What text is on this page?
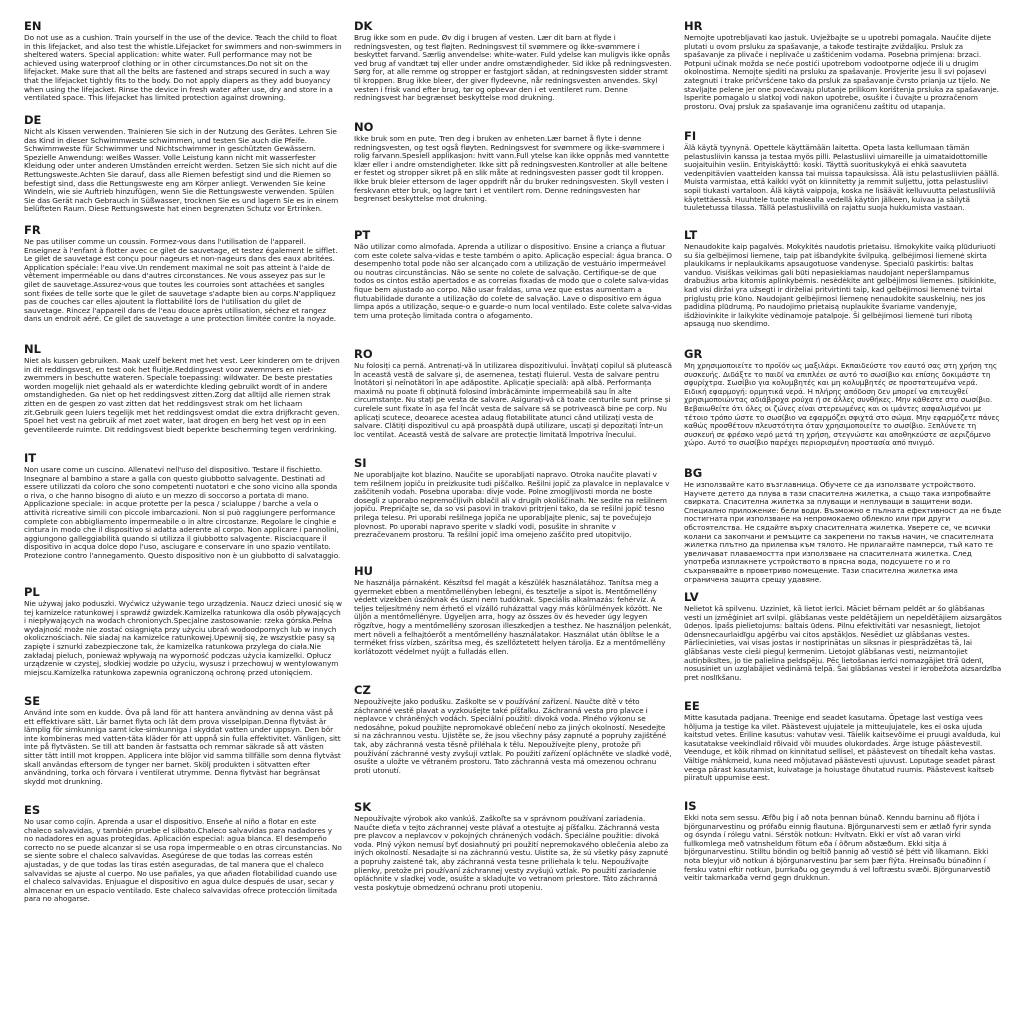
EN

Do not use as a cushion. Train yourself in the use of the device. Teach the child to float in this lifejacket, and also test the whistle.Lifejacket for swimmers and non-swimmers in sheltered waters. Special application: white water. Full performance may not be achieved using waterproof clothing or in other circumstances.Do not sit on the lifejacket. Make sure that all the belts are fastened and straps secured in such a way that the lifejacket tightly fits to the body. Do not apply diapers as they add buoyancy when using the lifejacket. Rinse the device in fresh water after use, dry and store in a ventilated space. This lifejacket has limited protection against drowning.

DE

Nicht als Kissen verwenden. Trainieren Sie sich in der Nutzung des Gerätes. Lehren Sie das Kind in dieser Schwimmweste schwimmen, und testen Sie auch die Pfeife. Schwimmweste für Schwimmer und Nichtschwimmer in geschützten Gewässern. Spezielle Anwendung: weißes Wasser. Volle Leistung kann nicht mit wasserfester Kleidung oder unter anderen Umständen erreicht werden. Setzen Sie sich nicht auf die Rettungsweste.Achten Sie darauf, dass alle Riemen befestigt sind und die Riemen so befestigt sind, dass die Rettungsweste eng am Körper anliegt. Verwenden Sie keine Windeln, wie sie Auftrieb hinzufügen, wenn Sie die Rettungsweste verwenden. Spülen Sie das Gerät nach Gebrauch in Süßwasser, trocknen Sie es und lagern Sie es in einem belüfteten Raum. Diese Rettungsweste hat einen begrenzten Schutz vor Ertrinken.

FR

Ne pas utiliser comme un coussin. Formez-vous dans l'utilisation de l'appareil. Enseignez à l'enfant à flotter avec ce gilet de sauvetage, et testez également le sifflet. Le gilet de sauvetage est conçu pour nageurs et non-nageurs dans des eaux abritées. Application spéciale: l'eau vive.Un rendement maximal ne soit pas atteint à l'aide de vêtement imperméable ou dans d'autres circonstances. Ne vous asseyez pas sur le gilet de sauvetage.Assurez-vous que toutes les courroies sont attachées et sangles sont fixées de telle sorte que le gilet de sauvetage s'adapte bien au corps.N'appliquez pas de couches car elles ajoutent la flottabilité lors de l'utilisation du gilet de sauvetage. Rincez l'appareil dans de l'eau douce après utilisation, séchez et rangez dans un endroit aéré. Ce gilet de sauvetage a une protection limitée contre la noyade.

NL

Niet als kussen gebruiken. Maak uzelf bekent met het vest. Leer kinderen om te drijven in dit reddingsvest, en test ook het fluitje.Reddingsvest voor zwemmers en niet-zwemmers in beschutte wateren. Speciale toepassing: wildwater. De beste prestaties worden mogelijk niet gehaald als er waterdichte kleding gebruikt wordt of in andere omstandigheden. Ga niet op het reddingsvest zitten.Zorg dat alltijd alle riemen strak zitten en de gespen zo vast zitten dat het reddingsvest strak om het lichaam zit.Gebruik geen luiers tegelijk met het reddingsvest omdat die extra drijfkracht geven. Spoel het vest na gebruik af met zoet water, laat drogen en berg het vest op in een geventileerde ruimte. Dit reddingsvest biedt beperkte bescherming tegen verdrinking.

IT

Non usare come un cuscino. Allenatevi nell'uso del dispositivo. Testare il fischietto. Insegnare al bambino a stare a galla con questo giubbotto salvagente. Destinati ad essere utilizzati da coloro che sono competenti nuotatori e che sono vicino alla sponda o riva, o che hanno bisogno di aiuto e un mezzo di soccorso a portata di mano. Applicazione speciale: in acque protette per la pesca / scialuppe / barche a vela o attività ricreative simili con piccole imbarcazioni. Non si può raggiungere performance complete con abbigliamento impermeabile o in altre circostanze. Regolare le cinghie e cintura in modo che il dispositivo si adatta aderente al corpo. Non applicare i pannolini, aggiungono galleggiabilità quando si utilizza il giubbotto salvagente. Risciacquare il dispositivo in acqua dolce dopo l'uso, asciugare e conservare in uno spazio ventilato. Protezione contro l'annegamento. Questo dispositivo non è un giubbotto di salvataggio.

PL

Nie używaj jako poduszki. Wyćwicz używanie tego urządzenia. Naucz dzieci unosić się w tej kamizelce ratunkowej i sprawdź gwizdek.Kamizelka ratunkowa dla osób pływających i niepływających na wodach chronionych.Specjalne zastosowanie: rzeka górska.Pełna wydajność może nie zostać osiągnięta przy użyciu ubrań wodoodpornych lub w innych okolicznościach. Nie siadaj na kamizelce ratunkowej.Upewnij się, że wszystkie pasy są zapięte i sznurki zabezpieczone tak, że kamizelka ratunkowa przylega do ciała.Nie zakładaj pieluch, ponieważ wpływają na wyporność podczas użycia kamizelki. Opłucz urządzenie w czystej, słodkiej wodzie po użyciu, wysusz i przechowuj w wentylowanym miejscu.Kamizelka ratunkowa zapewnia ograniczoną ochronę przed utonięciem.

SE

Använd inte som en kudde. Öva på land för att hantera användning av denna väst på ett effektivare sätt. Lär barnet flyta och lät dem prova visselpipan.Denna flytväst är lämplig för simkunniga samt icke-simkunniga i skyddat vatten under uppsyn. Den bör inte kombineras med vatten-täta kläder för att uppnå sin fulla effektivitet. Vänligen, sitt inte på flytvästen. Se till att banden är fastsatta och remmar säkrade så att västen sitter tätt intill mot kroppen. Applicera inte blöjor vid samma tillfälle som denna flytväst skall användas eftersom de tynger ner barnet. Skölj produkten i sötvatten efter användning, torka och förvara i ventilerat utrymme. Denna flytväst har begränsat skydd mot drunkning.

ES

No usar como cojín. Aprenda a usar el dispositivo. Enseñe al niño a flotar en este chaleco salvavidas, y también pruebe el silbato.Chaleco salvavidas para nadadores y no nadadores en aguas protegidas. Aplicación especial: agua blanca. El desempeño correcto no se puede alcanzar si se usa ropa impermeable o en otras circunstancias. No se siente sobre el chaleco salvavidas. Asegúrese de que todas las correas estén ajustadas, y de que todas las tiras estén aseguradas, de tal manera que el chaleco salvavidas se ajuste al cuerpo. No use pañales, ya que añaden flotabilidad cuando use el chaleco salvavidas. Enjuague el dispositivo en agua dulce después de usar, secar y almacenar en un espacio ventilado. Este chaleco salvavidas ofrece protección limitada para no ahogarse.

DK

Brug ikke som en pude. Øv dig i brugen af vesten. Lær dit barn at flyde i redningsvesten, og test fløjten. Redningsvest til svømmere og ikke-svømmere i beskyttet farvand. Særlig anvendelse: white-water. Fuld ydelse kan muligvis ikke opnås ved brug af vandtæt tøj eller under andre omstændigheder. Sid ikke på redningsvesten. Sørg for, at alle remme og stropper er fastgjort sådan, at redningsvesten sidder stramt til kroppen. Brug ikke bleer, der giver flydeevne, når redningsvesten anvendes. Skyl vesten i frisk vand efter brug, tør og opbevar den i et ventileret rum. Denne redningsvest har begrænset beskyttelse mod drukning.

NO

Ikke bruk som en pute. Tren deg i bruken av enheten.Lær barnet å flyte i denne redningsvesten, og test også fløyten. Redningsvest for svømmere og ikke-svømmere i rolig farvann.Spesiell applikasjon: hvitt vann.Full ytelse kan ikke oppnås med vanntette klær eller i andre omstendigheter. Ikke sitt på redningsvesten.Kontroller at alle beltene er festet og stropper sikret på en slik måte at redningsvesten passer godt til kroppen. Ikke bruk bleier ettersom de lager oppdrift når du bruker redningsvesten. Skyll vesten i ferskvann etter bruk, og lagre tørt i et ventilert rom. Denne redningsvesten har begrenset beskyttelse mot drukning.

PT

Não utilizar como almofada. Aprenda a utilizar o dispositivo. Ensine a criança a flutuar com este colete salva-vidas e teste também o apito. Aplicação especial: água branca. O desempenho total pode não ser alcançado com a utilização de vestuário impermeável ou noutras circunstâncias. Não se sente no colete de salvação. Certifique-se de que todos os cintos estão apertados e as correias fixadas de modo que o colete salva-vidas fique bem ajustado ao corpo. Não usar fraldas, uma vez que estas aumentam a flutuabilidade durante a utilização do colete de salvação. Lave o dispositivo em água limpa após a utilização, seque-o e guarde-o num local ventilado. Este colete salva-vidas tem uma proteção limitada contra o afogamento.

RO

Nu folosiți ca pernă. Antrenați-vă în utilizarea dispozitivului. Învățați copilul să plutească în această vestă de salvare și, de asemenea, testați fluierul. Vesta de salvare pentru înotători și neînotători în ape adăpostite. Aplicație specială: apă albă. Performanța maximă nu poate fi obținută folosind îmbrăcăminte impermeabilă sau în alte circumstanțe. Nu stați pe vesta de salvare. Asigurați-vă că toate centurile sunt prinse și curelele sunt fixate în așa fel încât vesta de salvare să se potrivească bine pe corp. Nu aplicați scutece, deoarece acestea adaug flotabilitate atunci când utilizați vesta de salvare. Clătiți dispozitivul cu apă proaspătă după utilizare, uscați și depozitați într-un loc ventilat. Această vestă de salvare are protecție limitată împotriva înecului.

SI

Ne uporabljajte kot blazino. Naučite se uporabljati napravo. Otroka naučite plavati v tem rešilnem jopiču in preizkusite tudi piščalko. Rešilni jopič za plavalce in neplavalce v zaščitenih vodah. Posebna uporaba: divje vode. Polne zmogljivosti morda ne boste dosegli z uporabo nepremočljivih oblačil ali v drugih okoliščinah. Ne sedite na rešilnem jopiču. Prepričajte se, da so vsi pasovi in trakovi pritrjeni tako, da se rešilni jopič tesno prilega telesu. Pri uporabi rešilnega jopiča ne uporabljajte plenic, saj te povečujejo plovnost. Po uporabi napravo sperite v sladki vodi, posušite in shranite v prezračevanem prostoru. Ta rešilni jopič ima omejeno zaščito pred utopitvijo.

HU

Ne használja párnaként. Készítsd fel magát a készülék használatához. Tanítsa meg a gyermeket ebben a mentőmellényben lebegni, és tesztelje a sípot is. Mentőmellény védett vizekben úszóknak és úszni nem tudóknak. Speciális alkalmazás: fehérvíz. A teljes teljesítmény nem érhető el vízálló ruházattal vagy más körülmények között. Ne üljön a mentőmellényre. Ügyeljen arra, hogy az összes öv és heveder úgy legyen rögzítve, hogy a mentőmellény szorosan illeszkedjen a testhez. Ne használjon pelenkát, mert növeli a felhajtóerőt a mentőmellény használatakor. Használat után öblítse le a terméket friss vízben, szárítsa meg, és szellőztetett helyen tárolja. Ez a mentőmellény korlátozott védelmet nyújt a fulladás ellen.

CZ

Nepoužívejte jako podušku. Zaškolte se v používání zařízení. Naučte dítě v této záchranné vestě plavat a vyzkoušejte také píšťalku. Záchranná vesta pro plavce i neplavce v chráněných vodách. Speciální použití: divoká voda. Plného výkonu se nedosáhne, pokud použijte nepromokavé oblečení nebo za jiných okolností. Nesedejte si na záchrannou vestu. Ujistěte se, že jsou všechny pásy zapnuté a popruhy zajištěné tak, aby záchranná vesta těsně přiléhala k tělu. Nepoužívejte pleny, protože při používání záchranné vesty zvyšují vztlak. Po použití zařízení opláchněte ve sladké vodě, osušte a uložte ve větraném prostoru. Tato záchranná vesta má omezenou ochranu proti utonutí.

SK

Nepoužívajte výrobok ako vankúš. Zaškoľte sa v správnom používaní zariadenia. Naučte dieťa v tejto záchrannej veste plávať a otestujte aj píšťalku. Záchranná vesta pre plavcov a neplavcov v pokojných chránených vodách. Špeciálne použitie: divoká voda. Plný výkon nemusí byť dosiahnutý pri použití nepremokavého oblečenia alebo za iných okolností. Nesadajte si na záchrannú vestu. Uistite sa, že sú všetky pásy zapnuté a popruhy zaistené tak, aby záchranná vesta tesne priliehala k telu. Nepoužívajte plienky, pretože pri používaní záchrannej vesty zvyšujú vztlak. Po použití zariadenie opláchnite v sladkej vode, osušte a skladujte vo vetranom priestore. Táto záchranná vesta poskytuje obmedzenú ochranu proti utopeniu.

HR

Nemojte upotrebljavati kao jastuk. Uvježbajte se u upotrebi pomagala. Naučite dijete plutati u ovom prsluku za spašavanje, a takođe testirajte zviždaljku. Prsluk za spašavanje za plivače i neplivače u zaštićenim vodama. Posebna primjena: brzaci. Potpuni učinak možda se neće postići upotrebom vodootporne odjeće ili u drugim okolnostima. Nemojte sjediti na prsluku za spašavanje. Provjerite jesu li svi pojasevi zategnuti i trake pričvršćene tako da prsluk za spašavanje čvrsto prianja uz tijelo. Ne stavljajte pelene jer one povećavaju plutanje prilikom korištenja prsluka za spašavanje. Isperite pomagalo u slatkoj vodi nakon upotrebe, osušite i čuvajte u prozračenom prostoru. Ovaj prsluk za spašavanje ima ograničenu zaštitu od utapanja.

FI

Älä käytä tyynynä. Opettele käyttämään laitetta. Opeta lasta kellumaan tämän pelastusliivin kanssa ja testaa myös pilli. Pelastusliivi uimareille ja uimataidottomille suojaituihin vesiin. Erityiskäyttö: koski. Täyttä suorituskykyä ei ehkä saavuteta vedenpitävien vaatteiden kanssa tai muissa tapauksissa. Älä istu pelastusliivien päällä. Muista varmistaa, että kaikki vyöt on kiinnitetty ja remmit suljettu, jotta pelastusliivi sopii tiukasti vartaloon. Älä käytä vaippoja, koska ne lisäävät kelluvuutta pelastusliiviä käytettäessä. Huuhtele tuote makealla vedellä käytön jälkeen, kuivaa ja säilytä tuuletetussa tilassa. Tällä pelastusliivillä on rajattu suoja hukkumista vastaan.

LT

Nenaudokite kaip pagalvės. Mokykitės naudotis prietaisu. Išmokykite vaiką plūduriuoti su šia gelbėjimosi liemene, taip pat išbandykite švilpuką. gelbėjimosi liemenė skirta plaukikams ir neplaukikams apsaugotuose vandenyse. Specialū paskirtis: baltas vanduo. Visiškas veikimas gali būti nepasiekiamas naudojant neperšlampamus drabužius arba kitomis aplinkybėmis. nesėdėkite ant gelbėjimosi liemenės. Įsitikinkite, kad visi diržai yra užsegti ir dirželiai pritvirtinti taip, kad gelbėjimosi liemenė tvirtai priglustų prie kūno. Naudojant gelbėjimosi liemenę nenaudokite sauskelnių, nes jos padidina plūdrumą. Po naudojimo prietaisą nuplaukite švariame vandenyje, išdžiovinkite ir laikykite vėdinamoje patalpoje. Ši gelbėjimosi liemenė turi ribotą apsaugą nuo skendimo.

GR

Μη χρησιμοποιείτε το προϊόν ως μαξιλάρι. Εκπαιδεύστε τον εαυτό σας στη χρήση της συσκευής. Διδάξτε το παιδί να επιπλέει σε αυτό το σωσίβιο και επίσης δοκιμάστε τη σφυρίχτρα. Σωσίβιο για κολυμβητές και μη κολυμβητές σε προστατευμένα νερά. Ειδική εφαρμογή: ορμητικά νερά. Η πλήρης απόδοση δεν μπορεί να επιτευχθεί χρησιμοποιώντας αδιάβροχα ρούχα ή σε άλλες συνθήκες. Μην κάθεστε στο σωσίβιο. Βεβαιωθείτε ότι όλες οι ζώνες είναι στερεωμένες και οι ιμάντες ασφαλισμένοι με τέτοιο τρόπο ώστε το σωσίβιο να εφαρμόζει σφιχτά στο σώμα. Μην εφαρμόζετε πάνες καθώς προσθέτουν πλευστότητα όταν χρησιμοποιείτε το σωσίβιο. Ξεπλύνετε τη συσκευή σε φρέσκο νερό μετά τη χρήση, στεγνώστε και αποθηκεύστε σε αεριζόμενο χώρο. Αυτό το σωσίβιο παρέχει περιορισμένη προστασία από πνιγμό.

BG

Не използвайте като възглавница. Обучете се да използвате устройството. Научете детето да плува в тази спасителна жилетка, а също така изпробвайте свирката. Спасителна жилетка за плуващи и неплуващи в защитени води. Специално приложение: бели води. Възможно е пълната ефективност да не бъде постигната при използване на непромокаемо облекло или при други обстоятелства. Не сядайте върху спасителната жилетка. Уверете се, че всички колани са закопчани и ремъците са закрепени по такъв начин, че спасителната жилетка плътно да прилепва към тялото. Не прилагайте памперси, тъй като те увеличават плаваемостта при използване на спасителната жилетка. След употреба изплакнете устройството в прясна вода, подсушете го и го съхранявайте в проветриво помещение. Тази спасителна жилетка има ограничена защита срещу удавяне.

LV

Nelietot kā spilvenu. Uzziniet, kā lietot ierīci. Māciet bērnam peldēt ar šo glābšanas vesti un izmēģiniet arī svilpi. glābšanas veste peldētājiem un nepeldētājiem aizsargātos ūdeņos. Īpašs pielietojums: baltais ūdens. Pilnu efektivitāti var nesasniegt, lietojot ūdensnecaurlaidīgu apģērbu vai citos apstākļos. Nesēdiet uz glābšanas vestes. Pārliecinieties, vai visas jostas ir nostiprinātas un siksnas ir piesprādzētas tā, lai glābšanas veste cieši pieguļ ķermenim. Lietojot glābšanas vesti, neizmantojiet autiņbiksītes, jo tie palielina peldspēju. Pēc lietošanas ierīci nomazgājiet tīrā ūdenī, nosusiniet un uzglabājiet vēdināmā telpā. Šai glābšanas vestei ir ierobežota aizsardzība pret noslīkšanu.

EE

Mitte kasutada padjana. Treenige end seadet kasutama. Õpetage last vestiga vees hõljuma ja testige ka vilet. Päästevest ujujatele ja mitteujujatele, kes ei oska ujuda kaitstud vetes. Eriline kasutus: vahutav vesi. Täielik kaitsevõime ei pruugi avalduda, kui kasutatakse veekindlaid rõivaid või muudes olukordades. Ärge istuge päästevestil. Veenduge, et kõik rihmad on kinnitatud sellisel, et päästevest on tihedalt keha vastas. Vältige mähkmeid, kuna need mõjutavad päästevesti ujuvust. Loputage seadet pärast veega pärast kasutamist, kuivatage ja hoiustage õhutatud ruumis. Päästevest kaitseb piiratult uppumise eest.

IS

Ekki nota sem sessu. Æfðu þig í að nota þennan búnað. Kenndu barninu að fljóta í björgunarvestinu og prófaðu einnig flautuna. Björgunarvesti sem er ætlað fyrir synda og ósynda í rólegu vatni. Sérstök notkun: Hvítvatn. Ekki er víst að varan virki fullkomlega með vatnsheldum fötum eða í öðrum aðstæðum. Ekki sitja á björgunarvestinu. Stilltu böndin og beltið þannig að vestið sé þétt við líkamann. Ekki nota bleyjur við notkun á björgunarvestinu þar sem þær flýta. Hreinsaðu búnaðinn í fersku vatni eftir notkun, þurrkaðu og geymdu á vel loftræstu svæði. Björgunarvestið veitir takmarkaða vernd gegn drukknun.
